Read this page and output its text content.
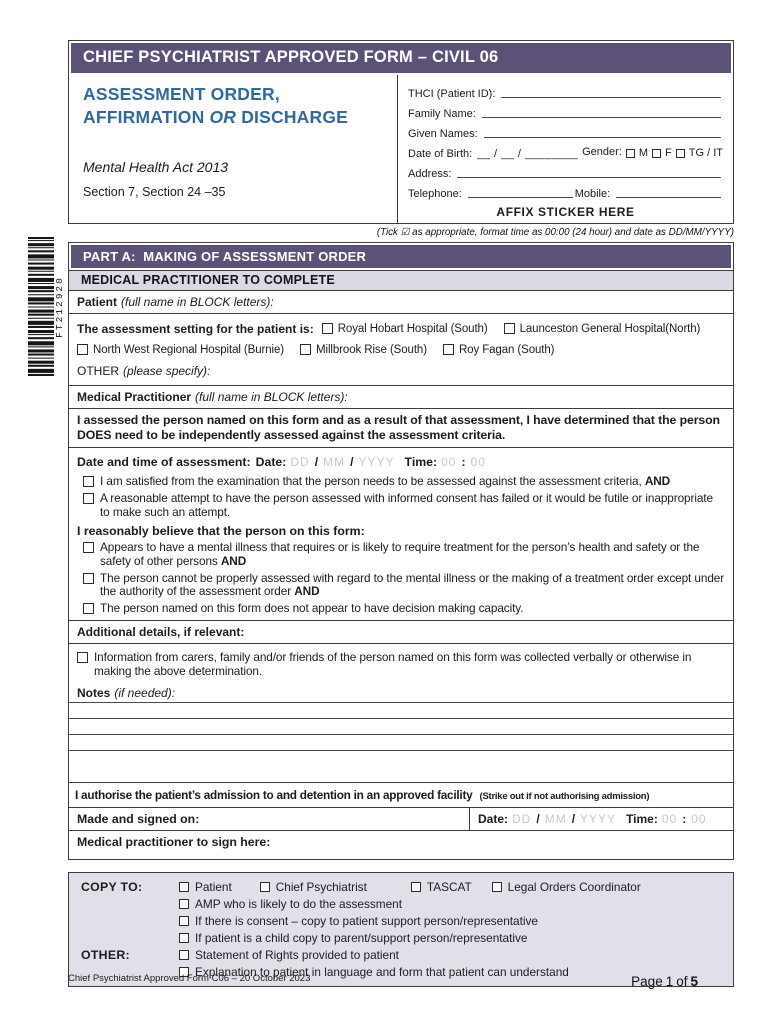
FT212920
CHIEF PSYCHIATRIST APPROVED FORM – CIVIL 06
ASSESSMENT ORDER,
AFFIRMATION OR DISCHARGE
Mental Health Act 2013
Section 7, Section 24 –35
THCI (Patient ID):
Family Name:
Given Names:
Date of Birth: __ / __ / ________ Gender: M F TG / IT
Address:
Telephone:	Mobile:
AFFIX STICKER HERE
(Tick ☑ as appropriate, format time as 00:00 (24 hour) and date as DD/MM/YYYY)
PART A:  MAKING OF ASSESSMENT ORDER
MEDICAL PRACTITIONER TO COMPLETE
Patient (full name in BLOCK letters):
The assessment setting for the patient is: Royal Hobart Hospital (South)	Launceston General Hospital(North)
North West Regional Hospital (Burnie)	Millbrook Rise (South)	Roy Fagan (South)
OTHER (please specify):
Medical Practitioner (full name in BLOCK letters):
I assessed the person named on this form and as a result of that assessment, I have determined that the person DOES need to be independently assessed against the assessment criteria.
Date and time of assessment: Date: DD / MM / YYYY Time: 00 : 00
I am satisfied from the examination that the person needs to be assessed against the assessment criteria, AND
A reasonable attempt to have the person assessed with informed consent has failed or it would be futile or inappropriate to make such an attempt.
I reasonably believe that the person on this form:
Appears to have a mental illness that requires or is likely to require treatment for the person’s health and safety or the safety of other persons AND
The person cannot be properly assessed with regard to the mental illness or the making of a treatment order except under the authority of the assessment order AND
The person named on this form does not appear to have decision making capacity.
Additional details, if relevant:
Information from carers, family and/or friends of the person named on this form was collected verbally or otherwise in making the above determination.
Notes (if needed):
I authorise the patient’s admission to and detention in an approved facility (Strike out if not authorising admission)
Made and signed on:	Date: DD / MM / YYYY Time: 00 : 00
Medical practitioner to sign here:
COPY TO:	Patient	Chief Psychiatrist	TASCAT	Legal Orders Coordinator
AMP who is likely to do the assessment
If there is consent – copy to patient support person/representative
If patient is a child copy to parent/support person/representative
OTHER:	Statement of Rights provided to patient
Explanation to patient in language and form that patient can understand
Chief Psychiatrist Approved Form C06 – 20 October 2023	Page 1 of 5
